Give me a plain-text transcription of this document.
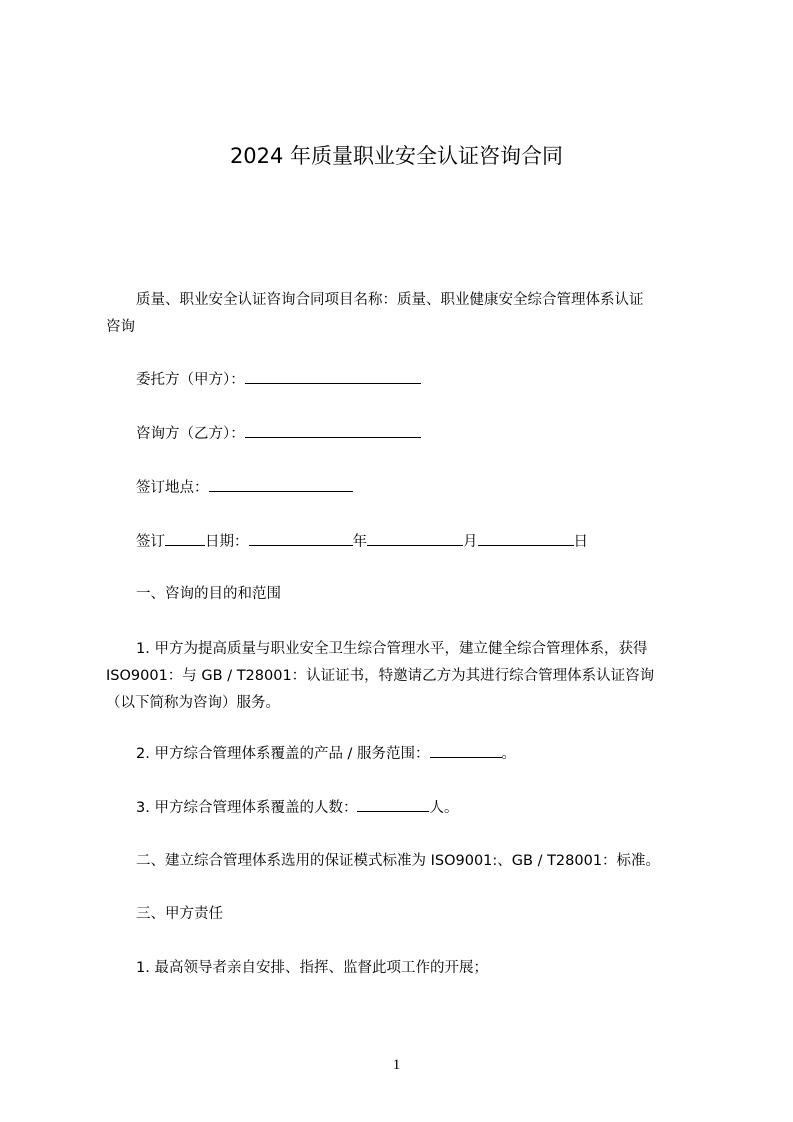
2024 年质量职业安全认证咨询合同
质量、职业安全认证咨询合同项目名称：质量、职业健康安全综合管理体系认证
咨询
委托方（甲方）：
咨询方（乙方）：
签订地点：
签订	日期：	年	月	日
一、咨询的目的和范围
1. 甲方为提高质量与职业安全卫生综合管理水平，建立健全综合管理体系，获得
ISO9001：与 GB / T28001：认证证书，特邀请乙方为其进行综合管理体系认证咨询
（以下简称为咨询）服务。
2. 甲方综合管理体系覆盖的产品 / 服务范围：	。
3. 甲方综合管理体系覆盖的人数：	人。
二、建立综合管理体系选用的保证模式标准为 ISO9001:、GB / T28001：标准。
三、甲方责任
1. 最高领导者亲自安排、指挥、监督此项工作的开展；
1
